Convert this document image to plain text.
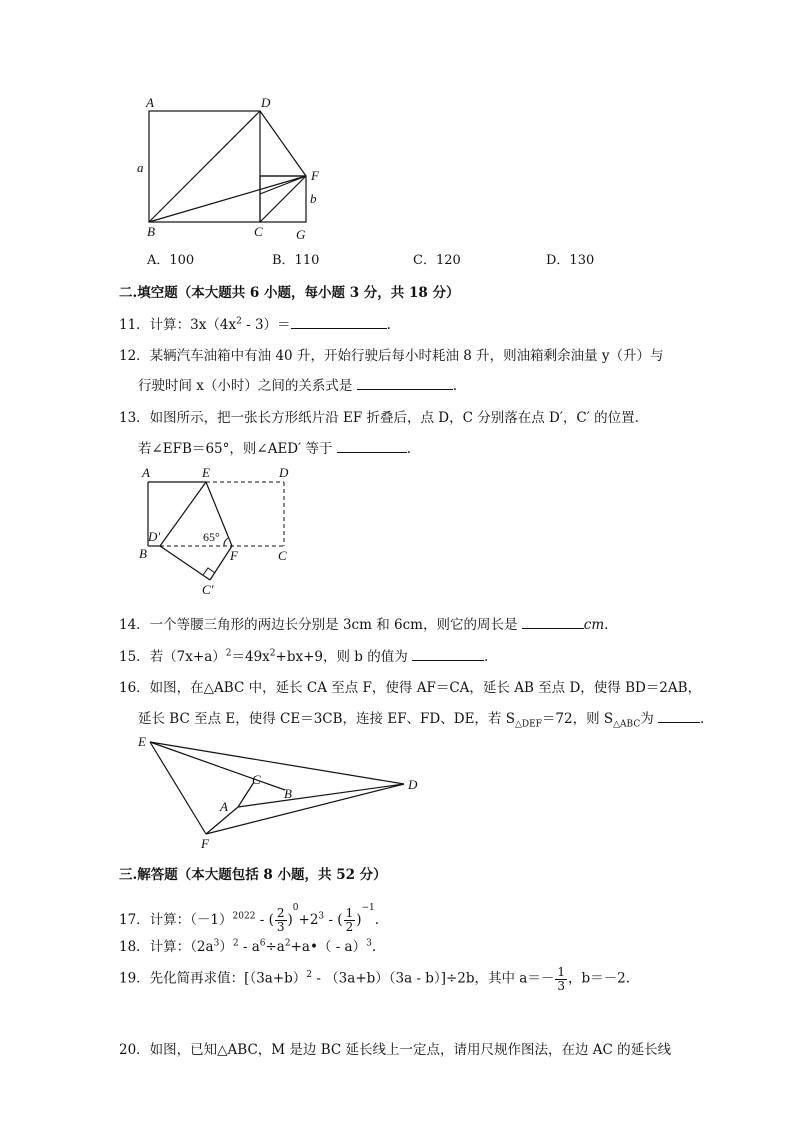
A	D
a
F
b
B	C	G
A．100	B．110	C．120	D．130
二.填空题（本大题共 6 小题，每小题 3 分，共 18 分）
11．计算：$3x(4x^2 - 3)=$	.
12．某辆汽车油箱中有油 40 升，开始行驶后每小时耗油 8 升，则油箱剩余油量 y（升）与
行驶时间 x（小时）之间的关系式是	.
13．如图所示，把一张长方形纸片沿 EF 折叠后，点 D，C 分别落在点 D′，C′ 的位置．
若∠EFB＝65°，则∠AED′ 等于	.
A	E	D
D′	65°
B	F	C
C′
14．一个等腰三角形的两边长分别是 3cm 和 6cm，则它的周长是	cm.
15．若$(7x+a)^2=49x^2+bx+9$，则 b 的值为	.
16．如图，在△ABC 中，延长 CA 至点 F，使得 AF＝CA，延长 AB 至点 D，使得 BD＝2AB，
延长 BC 至点 E，使得 CE＝3CB，连接 EF、FD、DE，若 $S_{\triangle DEF}=72$，则 $S_{\triangle ABC}$为	.
E
C
B
D
A
F
三.解答题（本大题包括 8 小题，共 52 分）
17．计算：$(-1)^{2022}$ - ( $\frac{2}{3} )^0+2^3$ - ( $\frac{1}{2} )^{-1}$.
18．计算：$(2a^3)^2$ - $a^6\div a^2+a•( - a)^3$.
19．先化简再求值：$[(3a+b)^2 - (3a+b)(3a - b)]\div 2b$，其中 $a=- \frac{1}{3}$ ，b＝－2.
20．如图，已知△ABC，M 是边 BC 延长线上一定点，请用尺规作图法，在边 AC 的延长线
